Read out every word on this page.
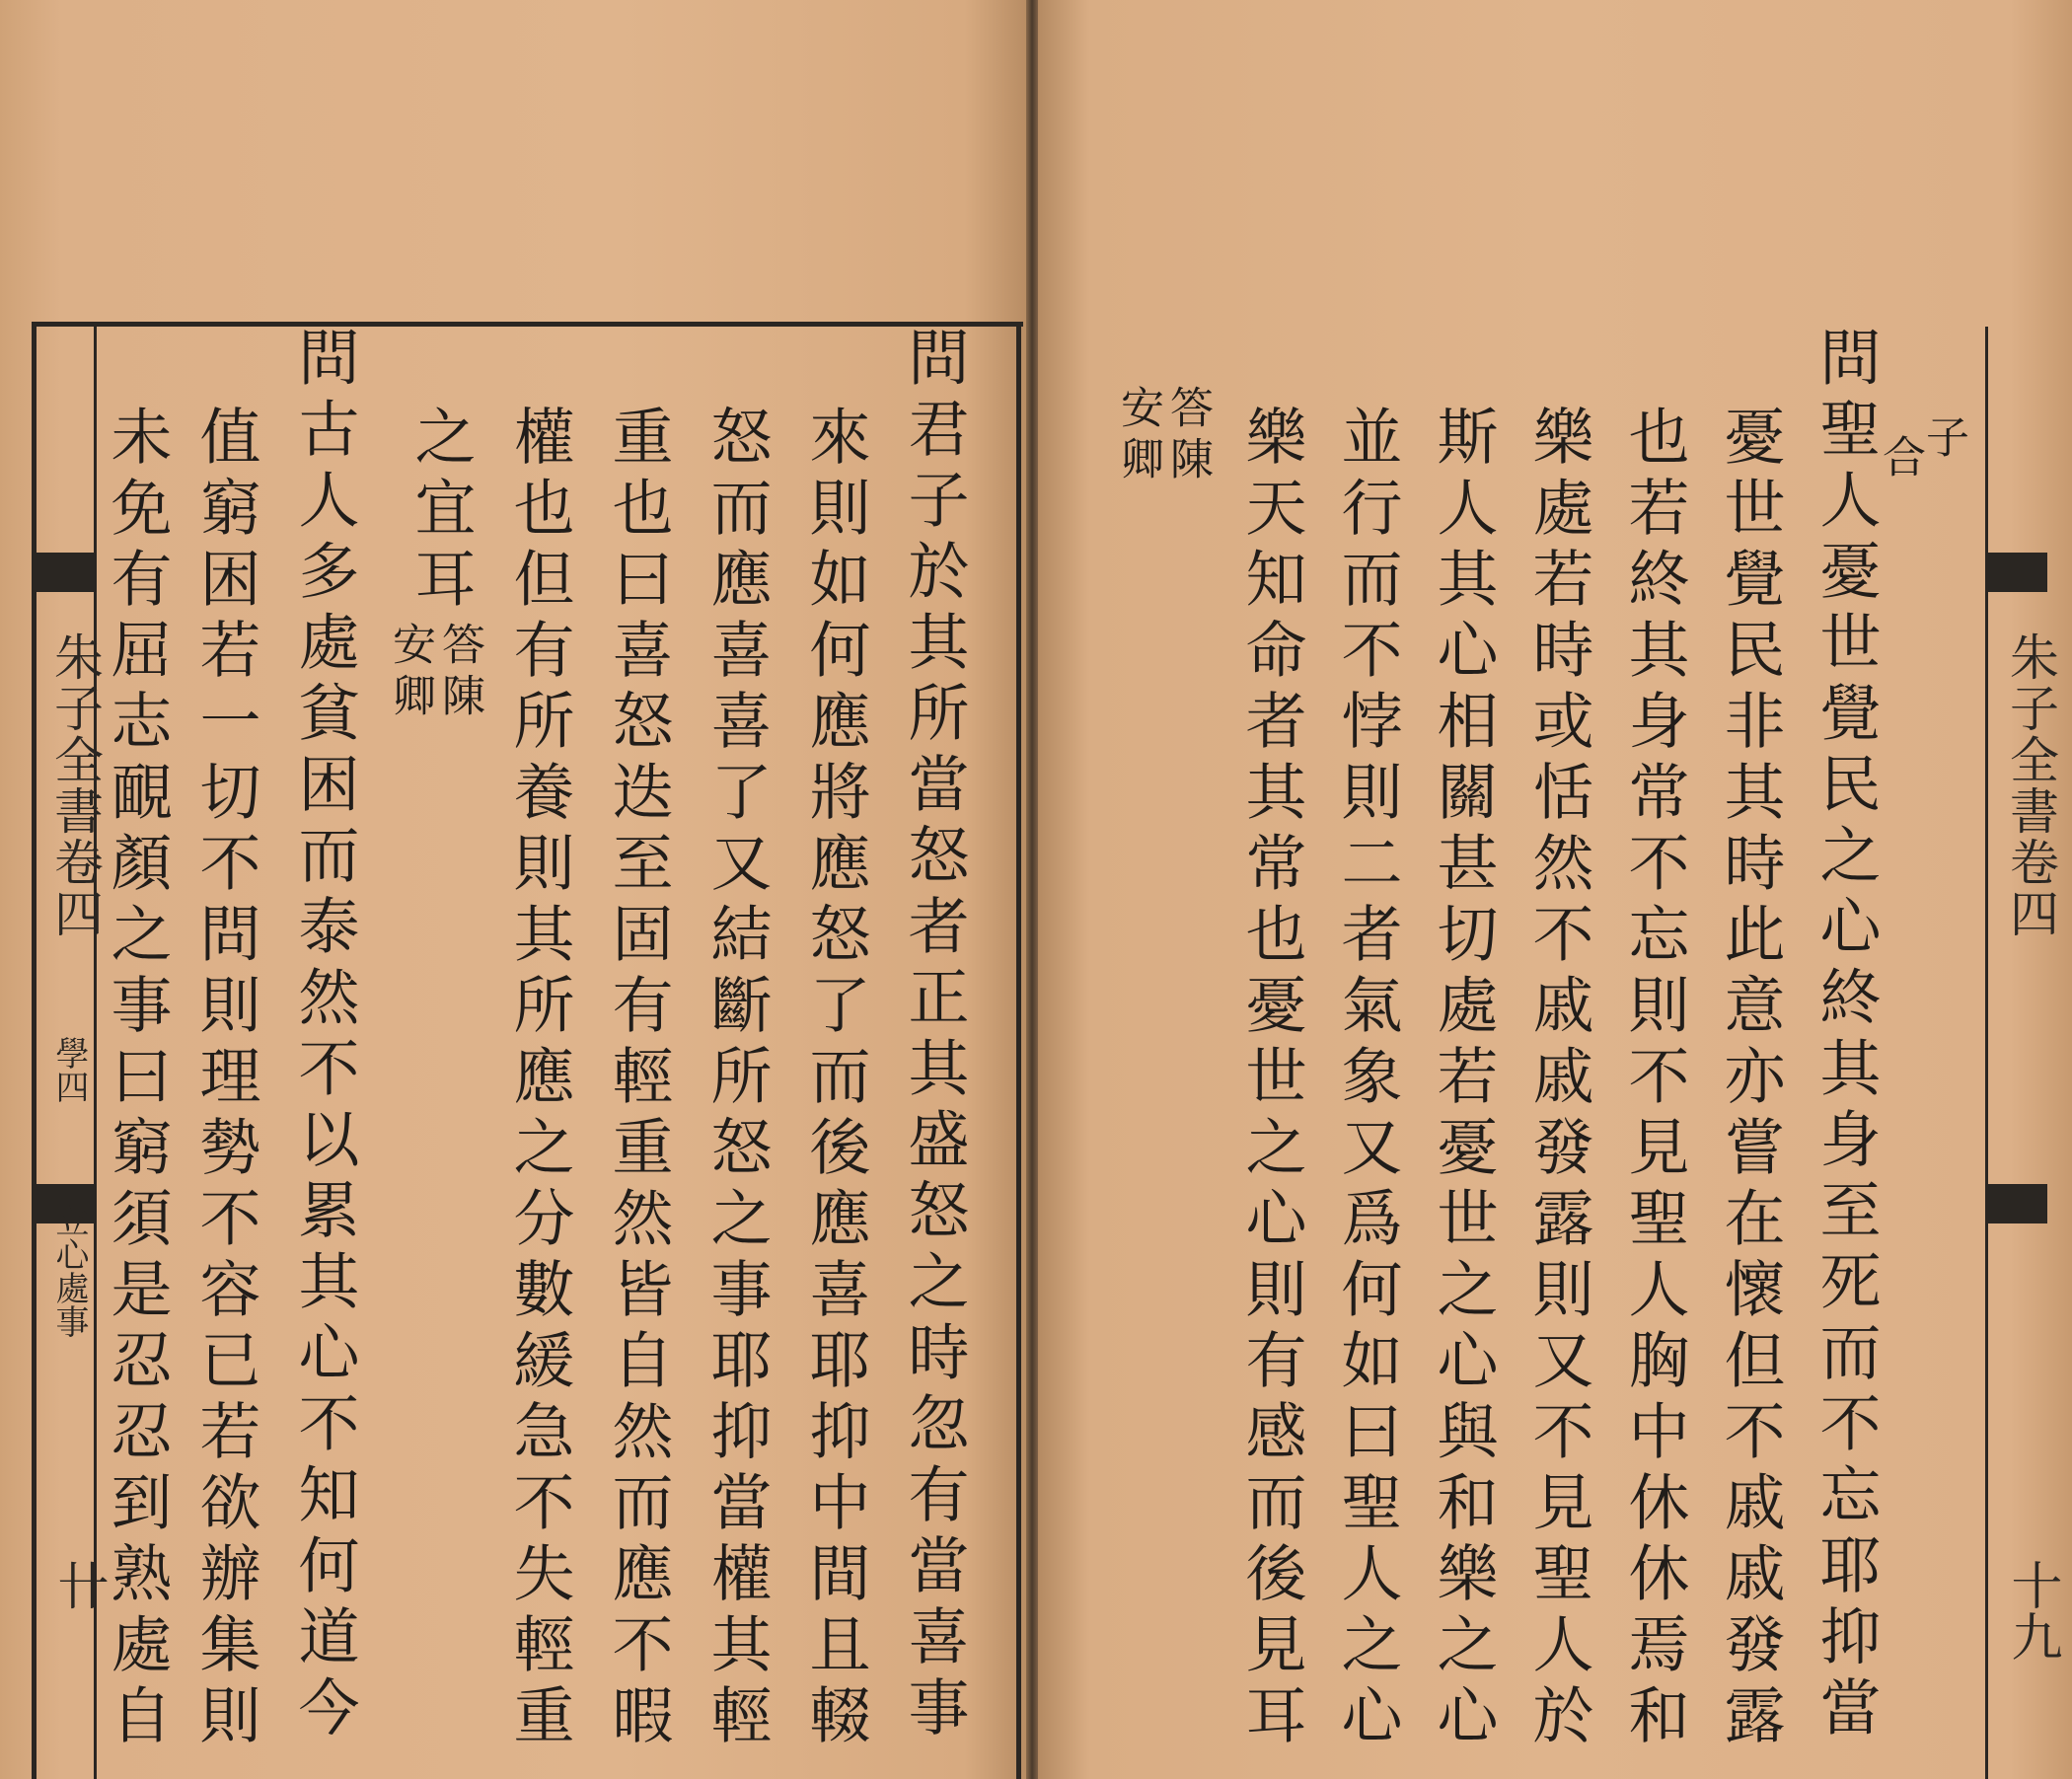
朱子全書卷四
學四
立心處事
卄	問君子於其所當怒者正其盛怒之時忽有當喜事
來則如何應將應怒了而後應喜耶抑中間且輟
怒而應喜喜了又結斷所怒之事耶抑當權其輕
重也曰喜怒迭至固有輕重然皆自然而應不暇
權也但有所養則其所應之分數緩急不失輕重
之宜耳
答陳
安卿
問古人多處貧困而泰然不以累其心不知何道今
值窮困若一切不問則理勢不容已若欲辦集則
未免有屈志靦顏之事曰窮須是忍忍到熟處自	朱子全書卷四
十九
子
合
問聖人憂世覺民之心終其身至死而不忘耶抑當
憂世覺民非其時此意亦嘗在懷但不戚戚發露
也若終其身常不忘則不見聖人胸中休休焉和
樂處若時或恬然不戚戚發露則又不見聖人於
斯人其心相關甚切處若憂世之心與和樂之心
並行而不悖則二者氣象又爲何如曰聖人之心
樂天知命者其常也憂世之心則有感而後見耳
答陳
安卿
